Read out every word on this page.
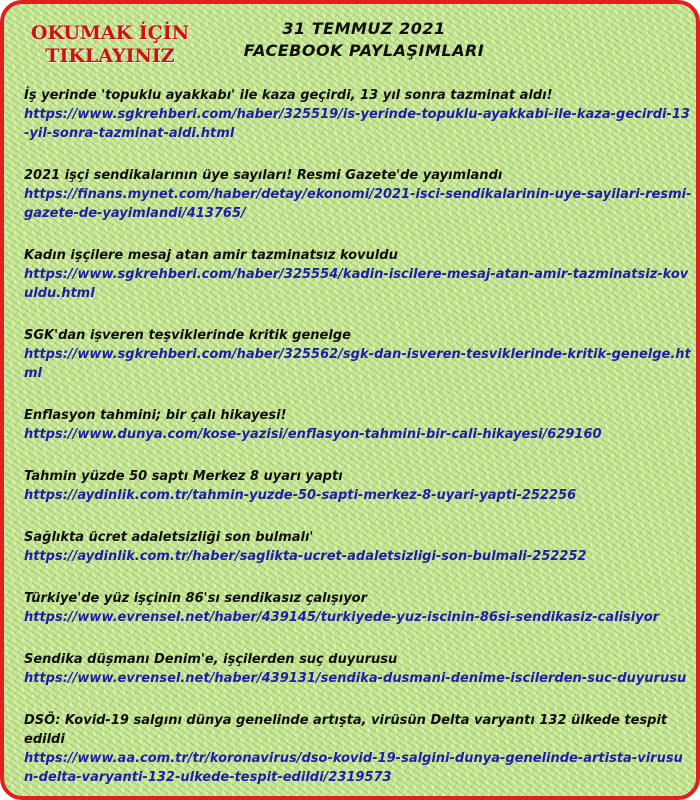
OKUMAK İÇİN
TIKLAYINIZ
31 TEMMUZ 2021
FACEBOOK PAYLAŞIMLARI
İş yerinde 'topuklu ayakkabı' ile kaza geçirdi, 13 yıl sonra tazminat aldı!
https://www.sgkrehberi.com/haber/325519/is-yerinde-topuklu-ayakkabi-ile-kaza-gecirdi-13-yil-sonra-tazminat-aldi.html
2021 işçi sendikalarının üye sayıları! Resmi Gazete'de yayımlandı
https://finans.mynet.com/haber/detay/ekonomi/2021-isci-sendikalarinin-uye-sayilari-resmi-gazete-de-yayimlandi/413765/
Kadın işçilere mesaj atan amir tazminatsız kovuldu
https://www.sgkrehberi.com/haber/325554/kadin-iscilere-mesaj-atan-amir-tazminatsiz-kovuldu.html
SGK'dan işveren teşviklerinde kritik genelge
https://www.sgkrehberi.com/haber/325562/sgk-dan-isveren-tesviklerinde-kritik-genelge.html
Enflasyon tahmini; bir çalı hikayesi!
https://www.dunya.com/kose-yazisi/enflasyon-tahmini-bir-cali-hikayesi/629160
Tahmin yüzde 50 saptı Merkez 8 uyarı yaptı
https://aydinlik.com.tr/tahmin-yuzde-50-sapti-merkez-8-uyari-yapti-252256
Sağlıkta ücret adaletsizliği son bulmalı'
https://aydinlik.com.tr/haber/saglikta-ucret-adaletsizligi-son-bulmali-252252
Türkiye'de yüz işçinin 86'sı sendikasız çalışıyor
https://www.evrensel.net/haber/439145/turkiyede-yuz-iscinin-86si-sendikasiz-calisiyor
Sendika düşmanı Denim'e, işçilerden suç duyurusu
https://www.evrensel.net/haber/439131/sendika-dusmani-denime-iscilerden-suc-duyurusu
DSÖ: Kovid-19 salgını dünya genelinde artışta, virüsün Delta varyantı 132 ülkede tespit edildi
https://www.aa.com.tr/tr/koronavirus/dso-kovid-19-salgini-dunya-genelinde-artista-virusun-delta-varyanti-132-ulkede-tespit-edildi/2319573
